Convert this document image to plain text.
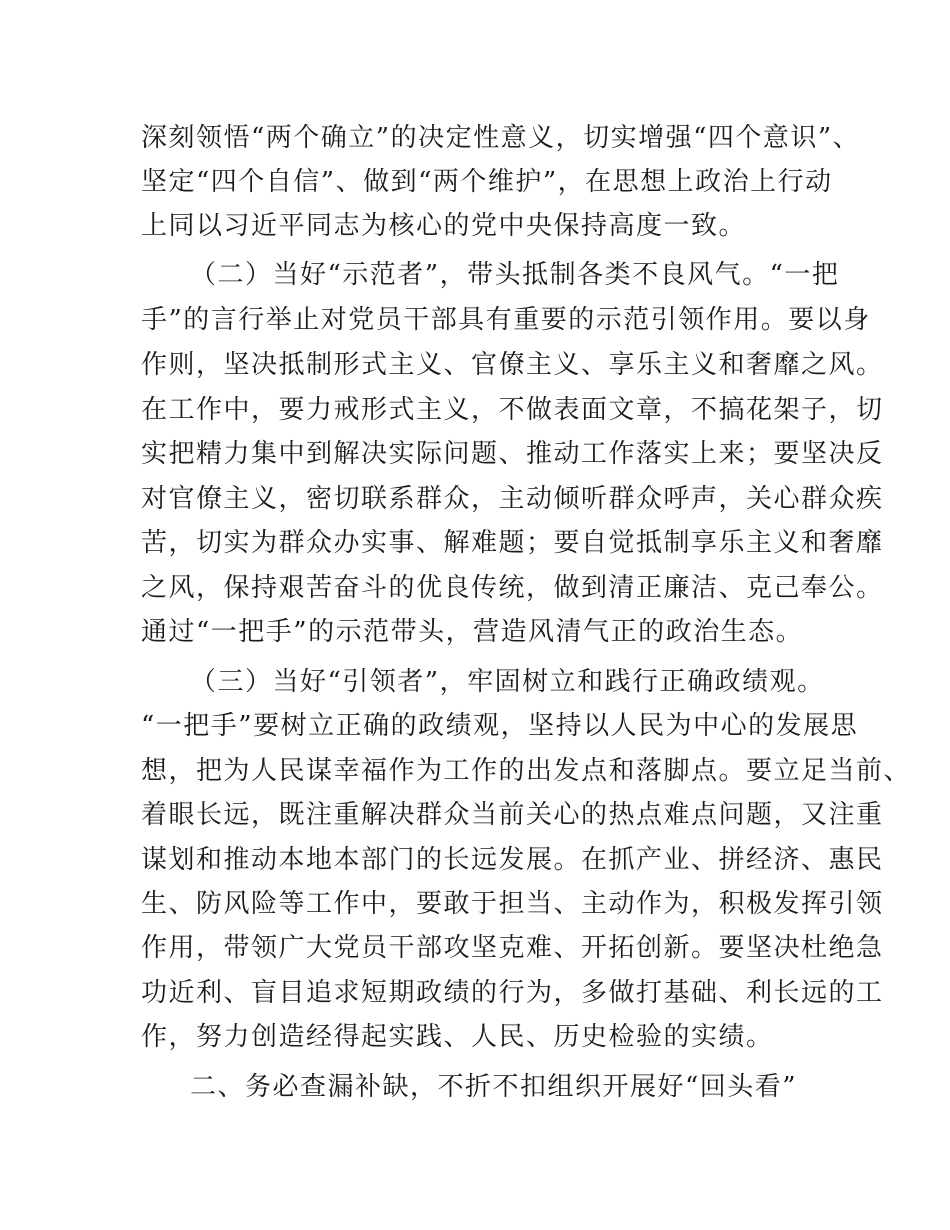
深刻领悟“两个确立”的决定性意义，切实增强“四个意识”、
坚定“四个自信”、做到“两个维护”，在思想上政治上行动
上同以习近平同志为核心的党中央保持高度一致。
（二）当好“示范者”，带头抵制各类不良风气。“一把
手”的言行举止对党员干部具有重要的示范引领作用。要以身
作则，坚决抵制形式主义、官僚主义、享乐主义和奢靡之风。
在工作中，要力戒形式主义，不做表面文章，不搞花架子，切
实把精力集中到解决实际问题、推动工作落实上来；要坚决反
对官僚主义，密切联系群众，主动倾听群众呼声，关心群众疾
苦，切实为群众办实事、解难题；要自觉抵制享乐主义和奢靡
之风，保持艰苦奋斗的优良传统，做到清正廉洁、克己奉公。
通过“一把手”的示范带头，营造风清气正的政治生态。
（三）当好“引领者”，牢固树立和践行正确政绩观。
“一把手”要树立正确的政绩观，坚持以人民为中心的发展思
想，把为人民谋幸福作为工作的出发点和落脚点。要立足当前、
着眼长远，既注重解决群众当前关心的热点难点问题，又注重
谋划和推动本地本部门的长远发展。在抓产业、拼经济、惠民
生、防风险等工作中，要敢于担当、主动作为，积极发挥引领
作用，带领广大党员干部攻坚克难、开拓创新。要坚决杜绝急
功近利、盲目追求短期政绩的行为，多做打基础、利长远的工
作，努力创造经得起实践、人民、历史检验的实绩。
二、务必查漏补缺，不折不扣组织开展好“回头看”
